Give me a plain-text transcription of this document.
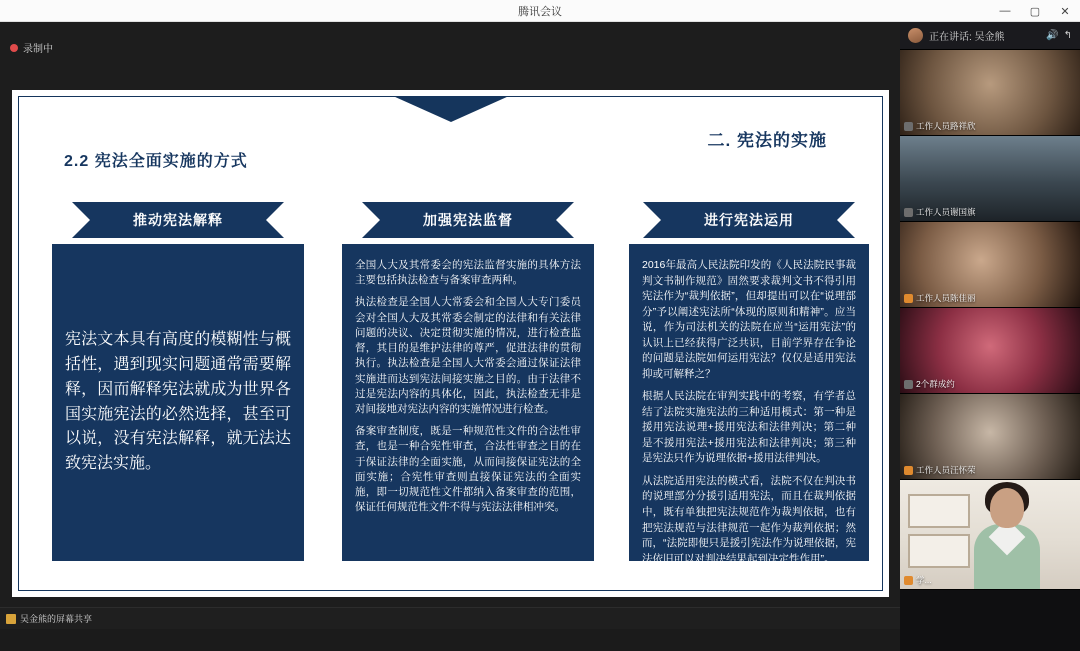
腾讯会议	—	▢	✕
录制中
二. 宪法的实施
2.2 宪法全面实施的方式
推动宪法解释

宪法文本具有高度的模糊性与概括性，遇到现实问题通常需要解释，因而解释宪法就成为世界各国实施宪法的必然选择，甚至可以说，没有宪法解释，就无法达致宪法实施。

加强宪法监督

全国人大及其常委会的宪法监督实施的具体方法主要包括执法检查与备案审查两种。

执法检查是全国人大常委会和全国人大专门委员会对全国人大及其常委会制定的法律和有关法律问题的决议、决定贯彻实施的情况，进行检查监督，其目的是维护法律的尊严，促进法律的贯彻执行。执法检查是全国人大常委会通过保证法律实施进而达到宪法间接实施之目的。由于法律不过是宪法内容的具体化，因此，执法检查无非是对间接地对宪法内容的实施情况进行检查。

备案审查制度，既是一种规范性文件的合法性审查，也是一种合宪性审查，合法性审查之目的在于保证法律的全面实施，从而间接保证宪法的全面实施；合宪性审查则直接保证宪法的全面实施，即一切规范性文件都纳入备案审查的范围，保证任何规范性文件不得与宪法法律相冲突。

进行宪法运用

2016年最高人民法院印发的《人民法院民事裁判文书制作规范》固然要求裁判文书不得引用宪法作为“裁判依据”，但却提出可以在“说理部分”予以阐述宪法所“体现的原则和精神”。应当说，作为司法机关的法院在应当“运用宪法”的认识上已经获得广泛共识，目前学界存在争论的问题是法院如何运用宪法？仅仅是适用宪法抑或可解释之？

根据人民法院在审判实践中的考察，有学者总结了法院实施宪法的三种适用模式：第一种是援用宪法说理+援用宪法和法律判决；第二种是不援用宪法+援用宪法和法律判决；第三种是宪法只作为说理依据+援用法律判决。

从法院适用宪法的模式看，法院不仅在判决书的说理部分分援引适用宪法，而且在裁判依据中，既有单独把宪法规范作为裁判依据，也有把宪法规范与法律规范一起作为裁判依据；然而，“法院即便只是援引宪法作为说理依据，宪法依旧可以对判决结果起到决定性作用”。

吴金熊的屏幕共享
正在讲话: 吴金熊	🔊 ↰
工作人员路祥欣
工作人员谢国旗
工作人员陈佳丽
2个群成约
工作人员汪怀荣
学...
